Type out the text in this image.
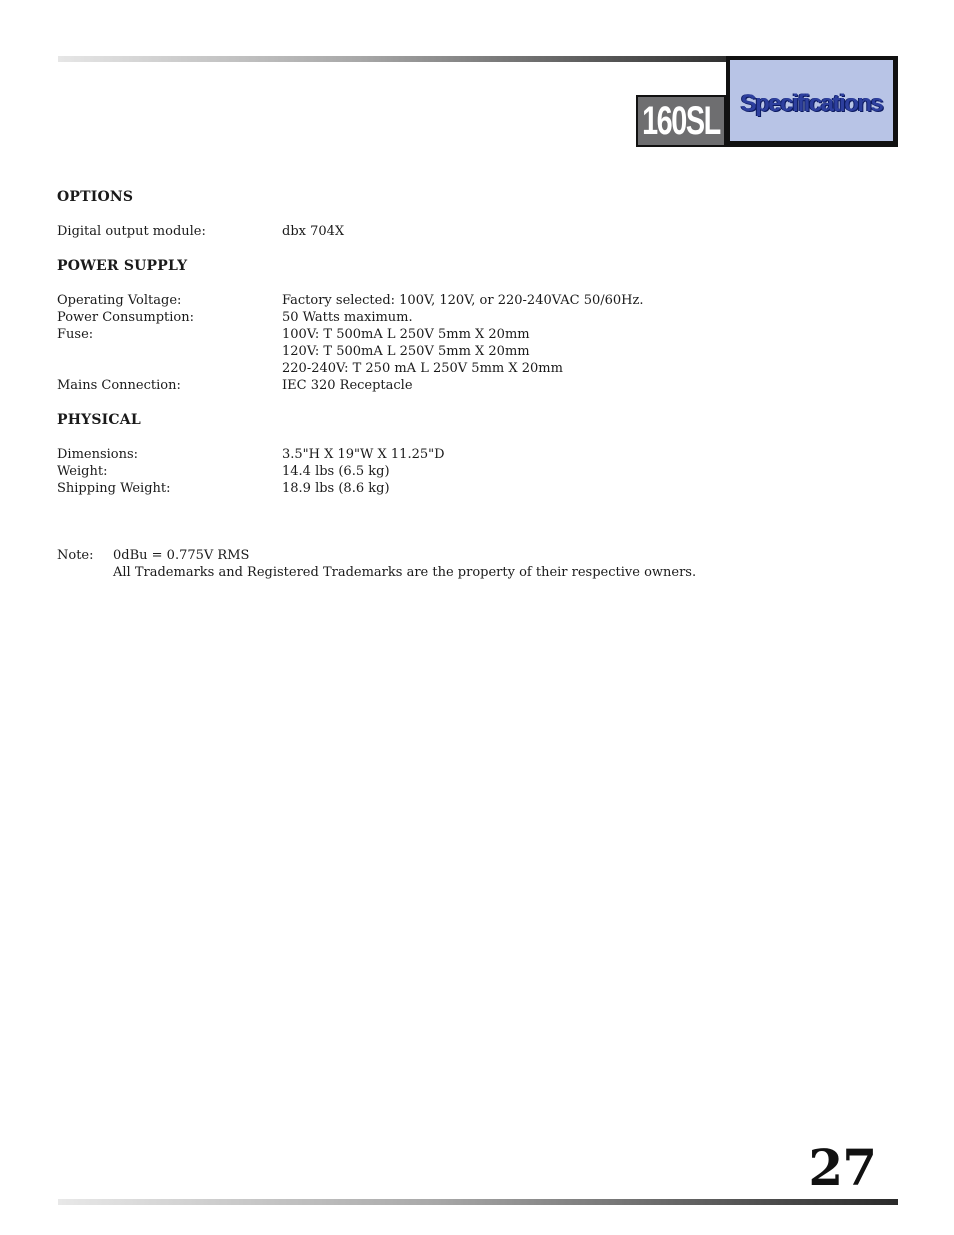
160SL Specifications

OPTIONS

Digital output module:	dbx 704X

POWER SUPPLY

Operating Voltage:	Factory selected: 100V, 120V, or 220-240VAC 50/60Hz.
Power Consumption:	50 Watts maximum.
Fuse:	100V: T 500mA L 250V 5mm X 20mm
120V: T 500mA L 250V 5mm X 20mm
220-240V: T 250 mA L 250V 5mm X 20mm
Mains Connection:	IEC 320 Receptacle

PHYSICAL

Dimensions:	3.5"H X 19"W X 11.25"D
Weight:	14.4 lbs (6.5 kg)
Shipping Weight:	18.9 lbs (8.6 kg)
Note:	0dBu = 0.775V RMS
All Trademarks and Registered Trademarks are the property of their respective owners.
27
